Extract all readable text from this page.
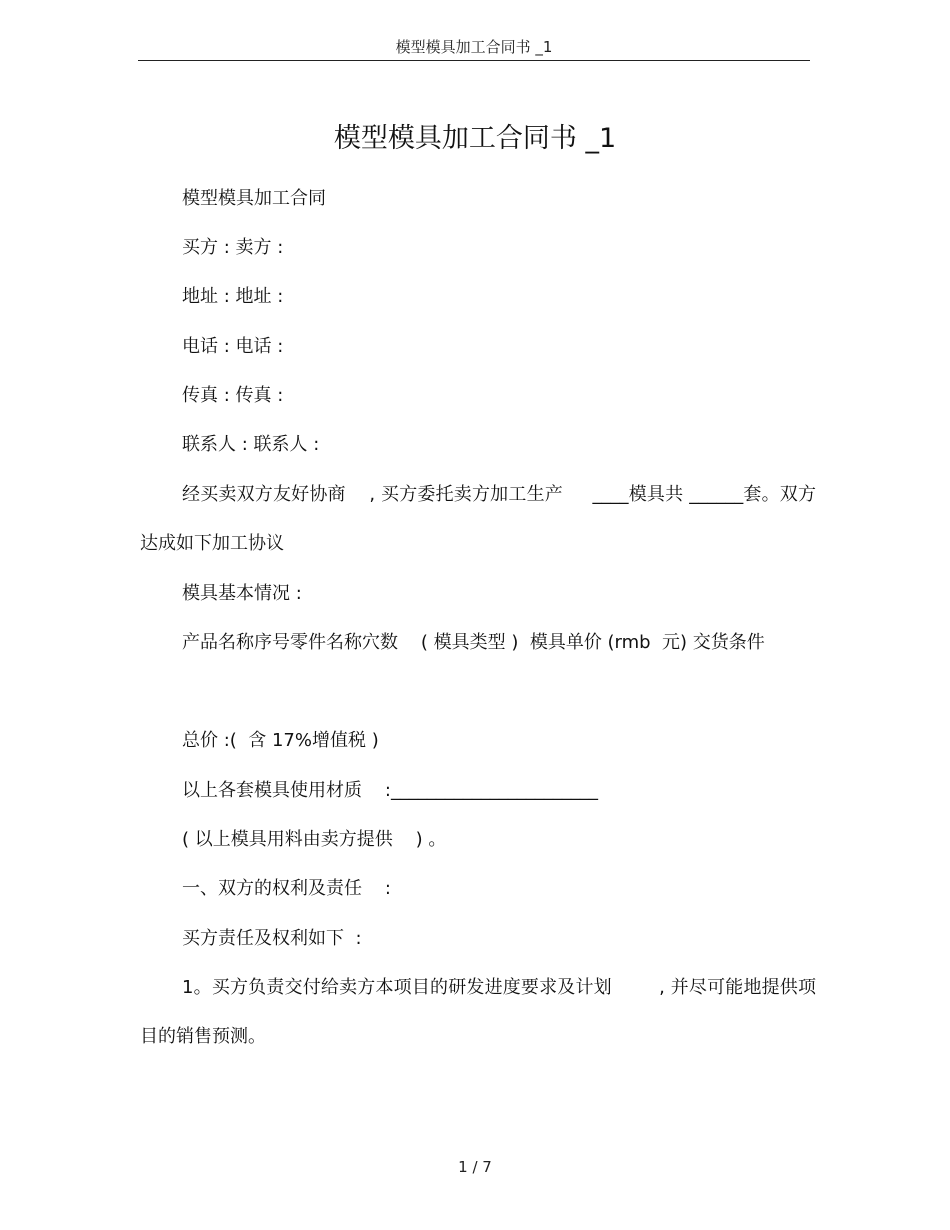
模型模具加工合同书 _1
模型模具加工合同书 _1
模型模具加工合同
买方 : 卖方 :
地址 : 地址 :
电话 : 电话 :
传真 : 传真 :
联系人 : 联系人 :
经买卖双方友好协商    , 买方委托卖方加工生产     ____模具共 ______套。双方达成如下加工协议
模具基本情况 :
产品名称序号零件名称穴数    ( 模具类型 )  模具单价 (rmb  元) 交货条件
总价 :(  含 17%增值税 )
以上各套模具使用材质    :_______________________
( 以上模具用料由卖方提供    ) 。
一、双方的权利及责任    :
买方责任及权利如下  :
1。买方负责交付给卖方本项目的研发进度要求及计划        , 并尽可能地提供项目的销售预测。
1 / 7
